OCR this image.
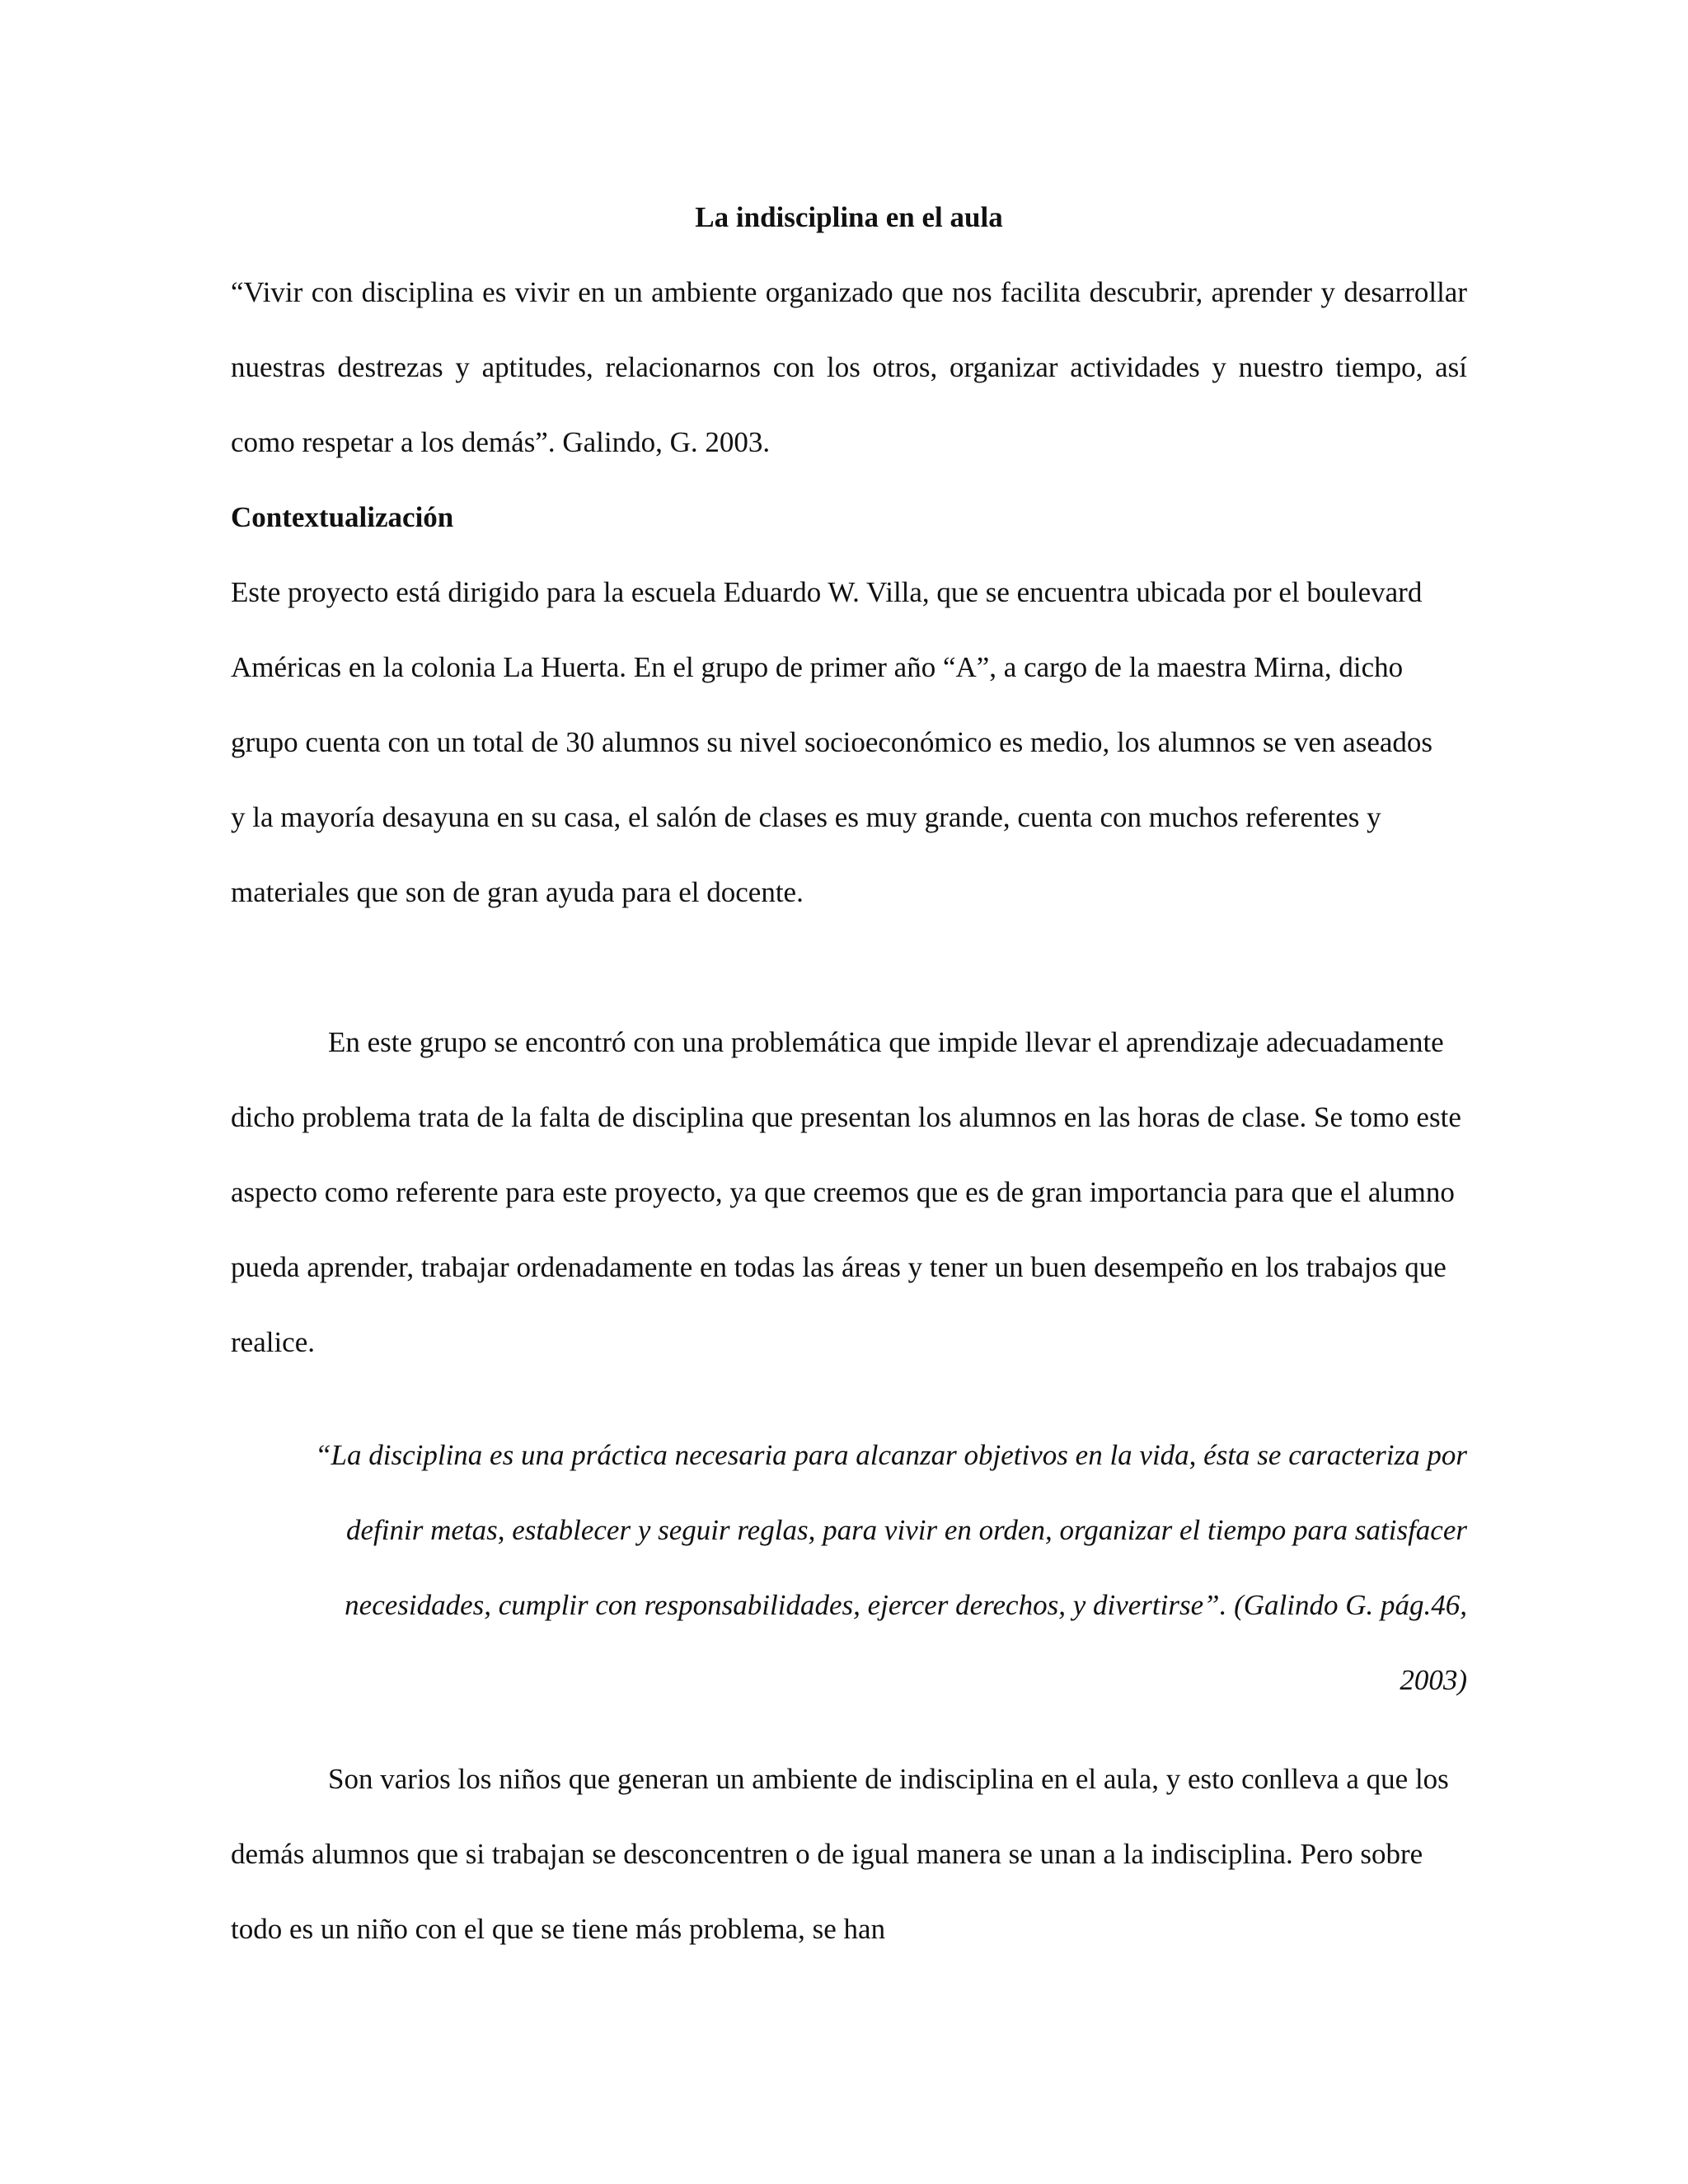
La indisciplina en el aula
“Vivir con disciplina es vivir en un ambiente organizado que nos facilita descubrir, aprender y desarrollar nuestras destrezas y aptitudes, relacionarnos con los otros, organizar actividades y nuestro tiempo, así como respetar a los demás”. Galindo, G. 2003.
Contextualización
Este proyecto está dirigido para la escuela Eduardo W. Villa, que se encuentra ubicada por el boulevard Américas en la colonia La Huerta. En el grupo de primer año “A”, a cargo de la maestra Mirna, dicho grupo cuenta con un total de 30 alumnos su nivel socioeconómico es medio, los alumnos se ven aseados y la mayoría desayuna en su casa, el salón de clases es muy grande, cuenta con muchos referentes y materiales que son de gran ayuda para el docente.
En este grupo se encontró con una problemática que impide llevar el aprendizaje adecuadamente dicho problema trata de la falta de disciplina que presentan los alumnos en las horas de clase. Se tomo este aspecto como referente para este proyecto, ya que creemos que es de gran importancia para que el alumno pueda aprender, trabajar ordenadamente en todas las áreas y tener un buen desempeño en los trabajos que realice.
“La disciplina es una práctica necesaria para alcanzar objetivos en la vida, ésta se caracteriza por definir metas, establecer y seguir reglas, para vivir en orden, organizar el tiempo para satisfacer necesidades, cumplir con responsabilidades, ejercer derechos, y divertirse”. (Galindo G. pág.46, 2003)
Son varios los niños que generan un ambiente de indisciplina en el aula, y esto conlleva a que los demás alumnos que si trabajan se desconcentren o de igual manera se unan a la indisciplina. Pero sobre todo es un niño con el que se tiene más problema, se han
